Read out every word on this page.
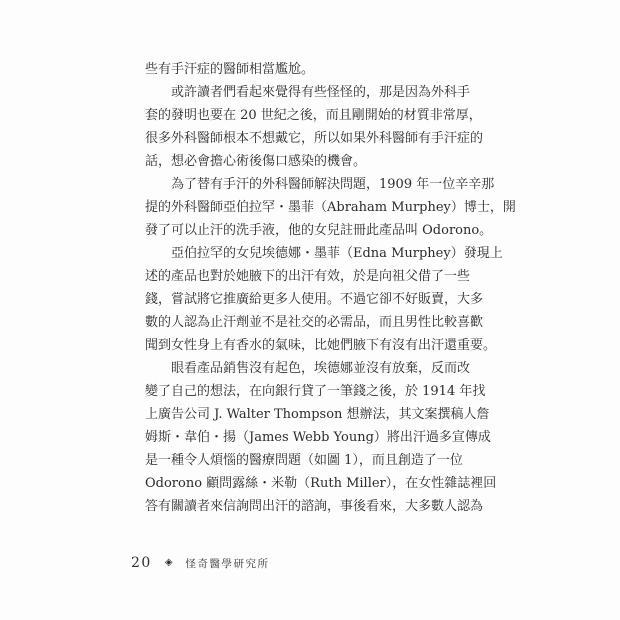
些有手汗症的醫師相當尷尬。
或許讀者們看起來覺得有些怪怪的，那是因為外科手
套的發明也要在 20 世紀之後，而且剛開始的材質非常厚，
很多外科醫師根本不想戴它，所以如果外科醫師有手汗症的
話，想必會擔心術後傷口感染的機會。
為了替有手汗的外科醫師解決問題，1909 年一位辛辛那
提的外科醫師亞伯拉罕・墨菲（Abraham Murphey）博士，開
發了可以止汗的洗手液，他的女兒註冊此產品叫 Odorono。
亞伯拉罕的女兒埃德娜・墨菲（Edna Murphey）發現上
述的產品也對於她腋下的出汗有效，於是向祖父借了一些
錢，嘗試將它推廣給更多人使用。不過它卻不好販賣，大多
數的人認為止汗劑並不是社交的必需品，而且男性比較喜歡
聞到女性身上有香水的氣味，比她們腋下有沒有出汗還重要。
眼看產品銷售沒有起色，埃德娜並沒有放棄，反而改
變了自己的想法，在向銀行貸了一筆錢之後，於 1914 年找
上廣告公司 J. Walter Thompson 想辦法，其文案撰稿人詹
姆斯・韋伯・揚（James Webb Young）將出汗過多宣傳成
是一種令人煩惱的醫療問題（如圖 1），而且創造了一位
Odorono 顧問露絲・米勒（Ruth Miller），在女性雜誌裡回
答有關讀者來信詢問出汗的諮詢，事後看來，大多數人認為
20 ◈ 怪奇醫學研究所
